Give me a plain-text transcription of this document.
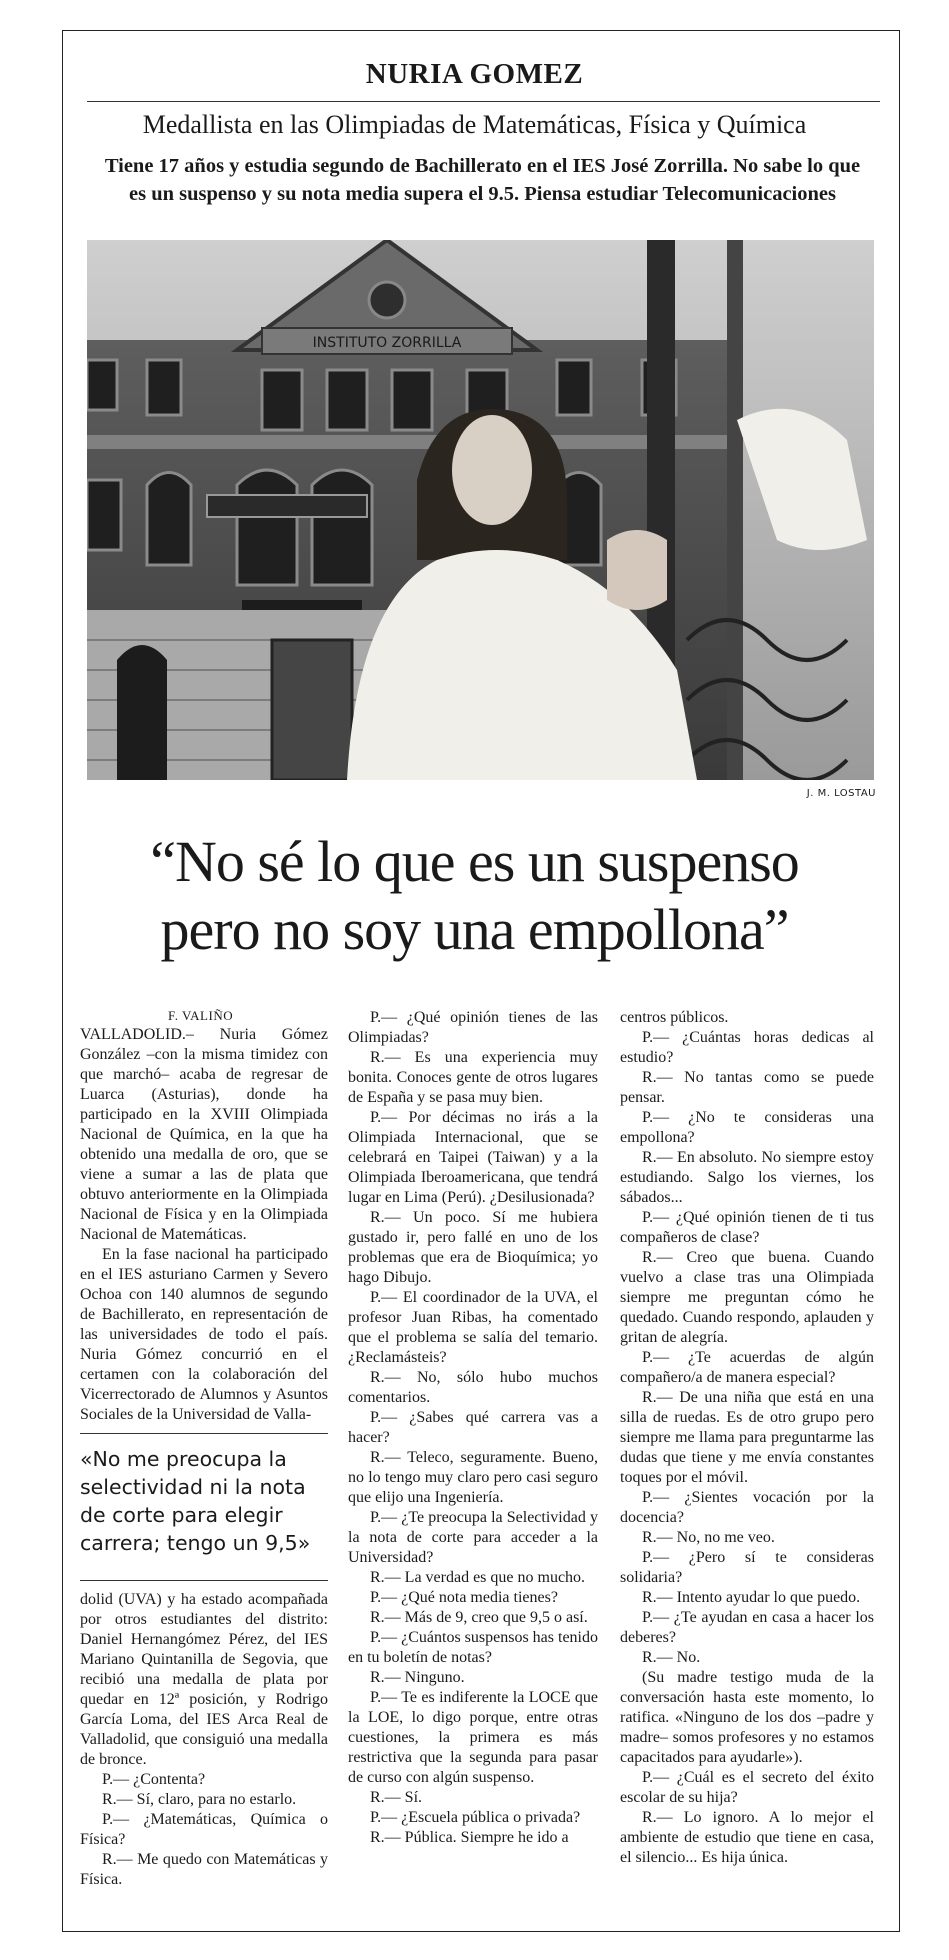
NURIA GOMEZ
Medallista en las Olimpiadas de Matemáticas, Física y Química
Tiene 17 años y estudia segundo de Bachillerato en el IES José Zorrilla. No sabe lo que es un suspenso y su nota media supera el 9.5. Piensa estudiar Telecomunicaciones
INSTITUTO ZORRILLA
J. M. LOSTAU
“No sé lo que es un suspenso
pero no soy una empollona”
F. VALIÑO

VALLADOLID.– Nuria Gómez González –con la misma timidez con que marchó– acaba de regresar de Luarca (Asturias), donde ha participado en la XVIII Olimpiada Nacional de Química, en la que ha obtenido una medalla de oro, que se viene a sumar a las de plata que obtuvo anteriormente en la Olimpiada Nacional de Física y en la Olimpiada Nacional de Matemáticas.

En la fase nacional ha participado en el IES asturiano Carmen y Severo Ochoa con 140 alumnos de segundo de Bachillerato, en representación de las universidades de todo el país. Nuria Gómez concurrió en el certamen con la colaboración del Vicerrectorado de Alumnos y Asuntos Sociales de la Universidad de Valla-

«No me preocupa la selectividad ni la nota de corte para elegir carrera; tengo un 9,5»

dolid (UVA) y ha estado acompañada por otros estudiantes del distrito: Daniel Hernangómez Pérez, del IES Mariano Quintanilla de Segovia, que recibió una medalla de plata por quedar en 12ª posición, y Rodrigo García Loma, del IES Arca Real de Valladolid, que consiguió una medalla de bronce.

P.— ¿Contenta?

R.— Sí, claro, para no estarlo.

P.— ¿Matemáticas, Química o Física?

R.— Me quedo con Matemáticas y Física.

P.— ¿Qué opinión tienes de las Olimpiadas?

R.— Es una experiencia muy bonita. Conoces gente de otros lugares de España y se pasa muy bien.

P.— Por décimas no irás a la Olimpiada Internacional, que se celebrará en Taipei (Taiwan) y a la Olimpiada Iberoamericana, que tendrá lugar en Lima (Perú). ¿Desilusionada?

R.— Un poco. Sí me hubiera gustado ir, pero fallé en uno de los problemas que era de Bioquímica; yo hago Dibujo.

P.— El coordinador de la UVA, el profesor Juan Ribas, ha comentado que el problema se salía del temario. ¿Reclamásteis?

R.— No, sólo hubo muchos comentarios.

P.— ¿Sabes qué carrera vas a hacer?

R.— Teleco, seguramente. Bueno, no lo tengo muy claro pero casi seguro que elijo una Ingeniería.

P.— ¿Te preocupa la Selectividad y la nota de corte para acceder a la Universidad?

R.— La verdad es que no mucho.

P.— ¿Qué nota media tienes?

R.— Más de 9, creo que 9,5 o así.

P.— ¿Cuántos suspensos has tenido en tu boletín de notas?

R.— Ninguno.

P.— Te es indiferente la LOCE que la LOE, lo digo porque, entre otras cuestiones, la primera es más restrictiva que la segunda para pasar de curso con algún suspenso.

R.— Sí.

P.— ¿Escuela pública o privada?

R.— Pública. Siempre he ido a

centros públicos.

P.— ¿Cuántas horas dedicas al estudio?

R.— No tantas como se puede pensar.

P.— ¿No te consideras una empollona?

R.— En absoluto. No siempre estoy estudiando. Salgo los viernes, los sábados...

P.— ¿Qué opinión tienen de ti tus compañeros de clase?

R.— Creo que buena. Cuando vuelvo a clase tras una Olimpiada siempre me preguntan cómo he quedado. Cuando respondo, aplauden y gritan de alegría.

P.— ¿Te acuerdas de algún compañero/a de manera especial?

R.— De una niña que está en una silla de ruedas. Es de otro grupo pero siempre me llama para preguntarme las dudas que tiene y me envía constantes toques por el móvil.

P.— ¿Sientes vocación por la docencia?

R.— No, no me veo.

P.— ¿Pero sí te consideras solidaria?

R.— Intento ayudar lo que puedo.

P.— ¿Te ayudan en casa a hacer los deberes?

R.— No.

(Su madre testigo muda de la conversación hasta este momento, lo ratifica. «Ninguno de los dos –padre y madre– somos profesores y no estamos capacitados para ayudarle»).

P.— ¿Cuál es el secreto del éxito escolar de su hija?

R.— Lo ignoro. A lo mejor el ambiente de estudio que tiene en casa, el silencio... Es hija única.
